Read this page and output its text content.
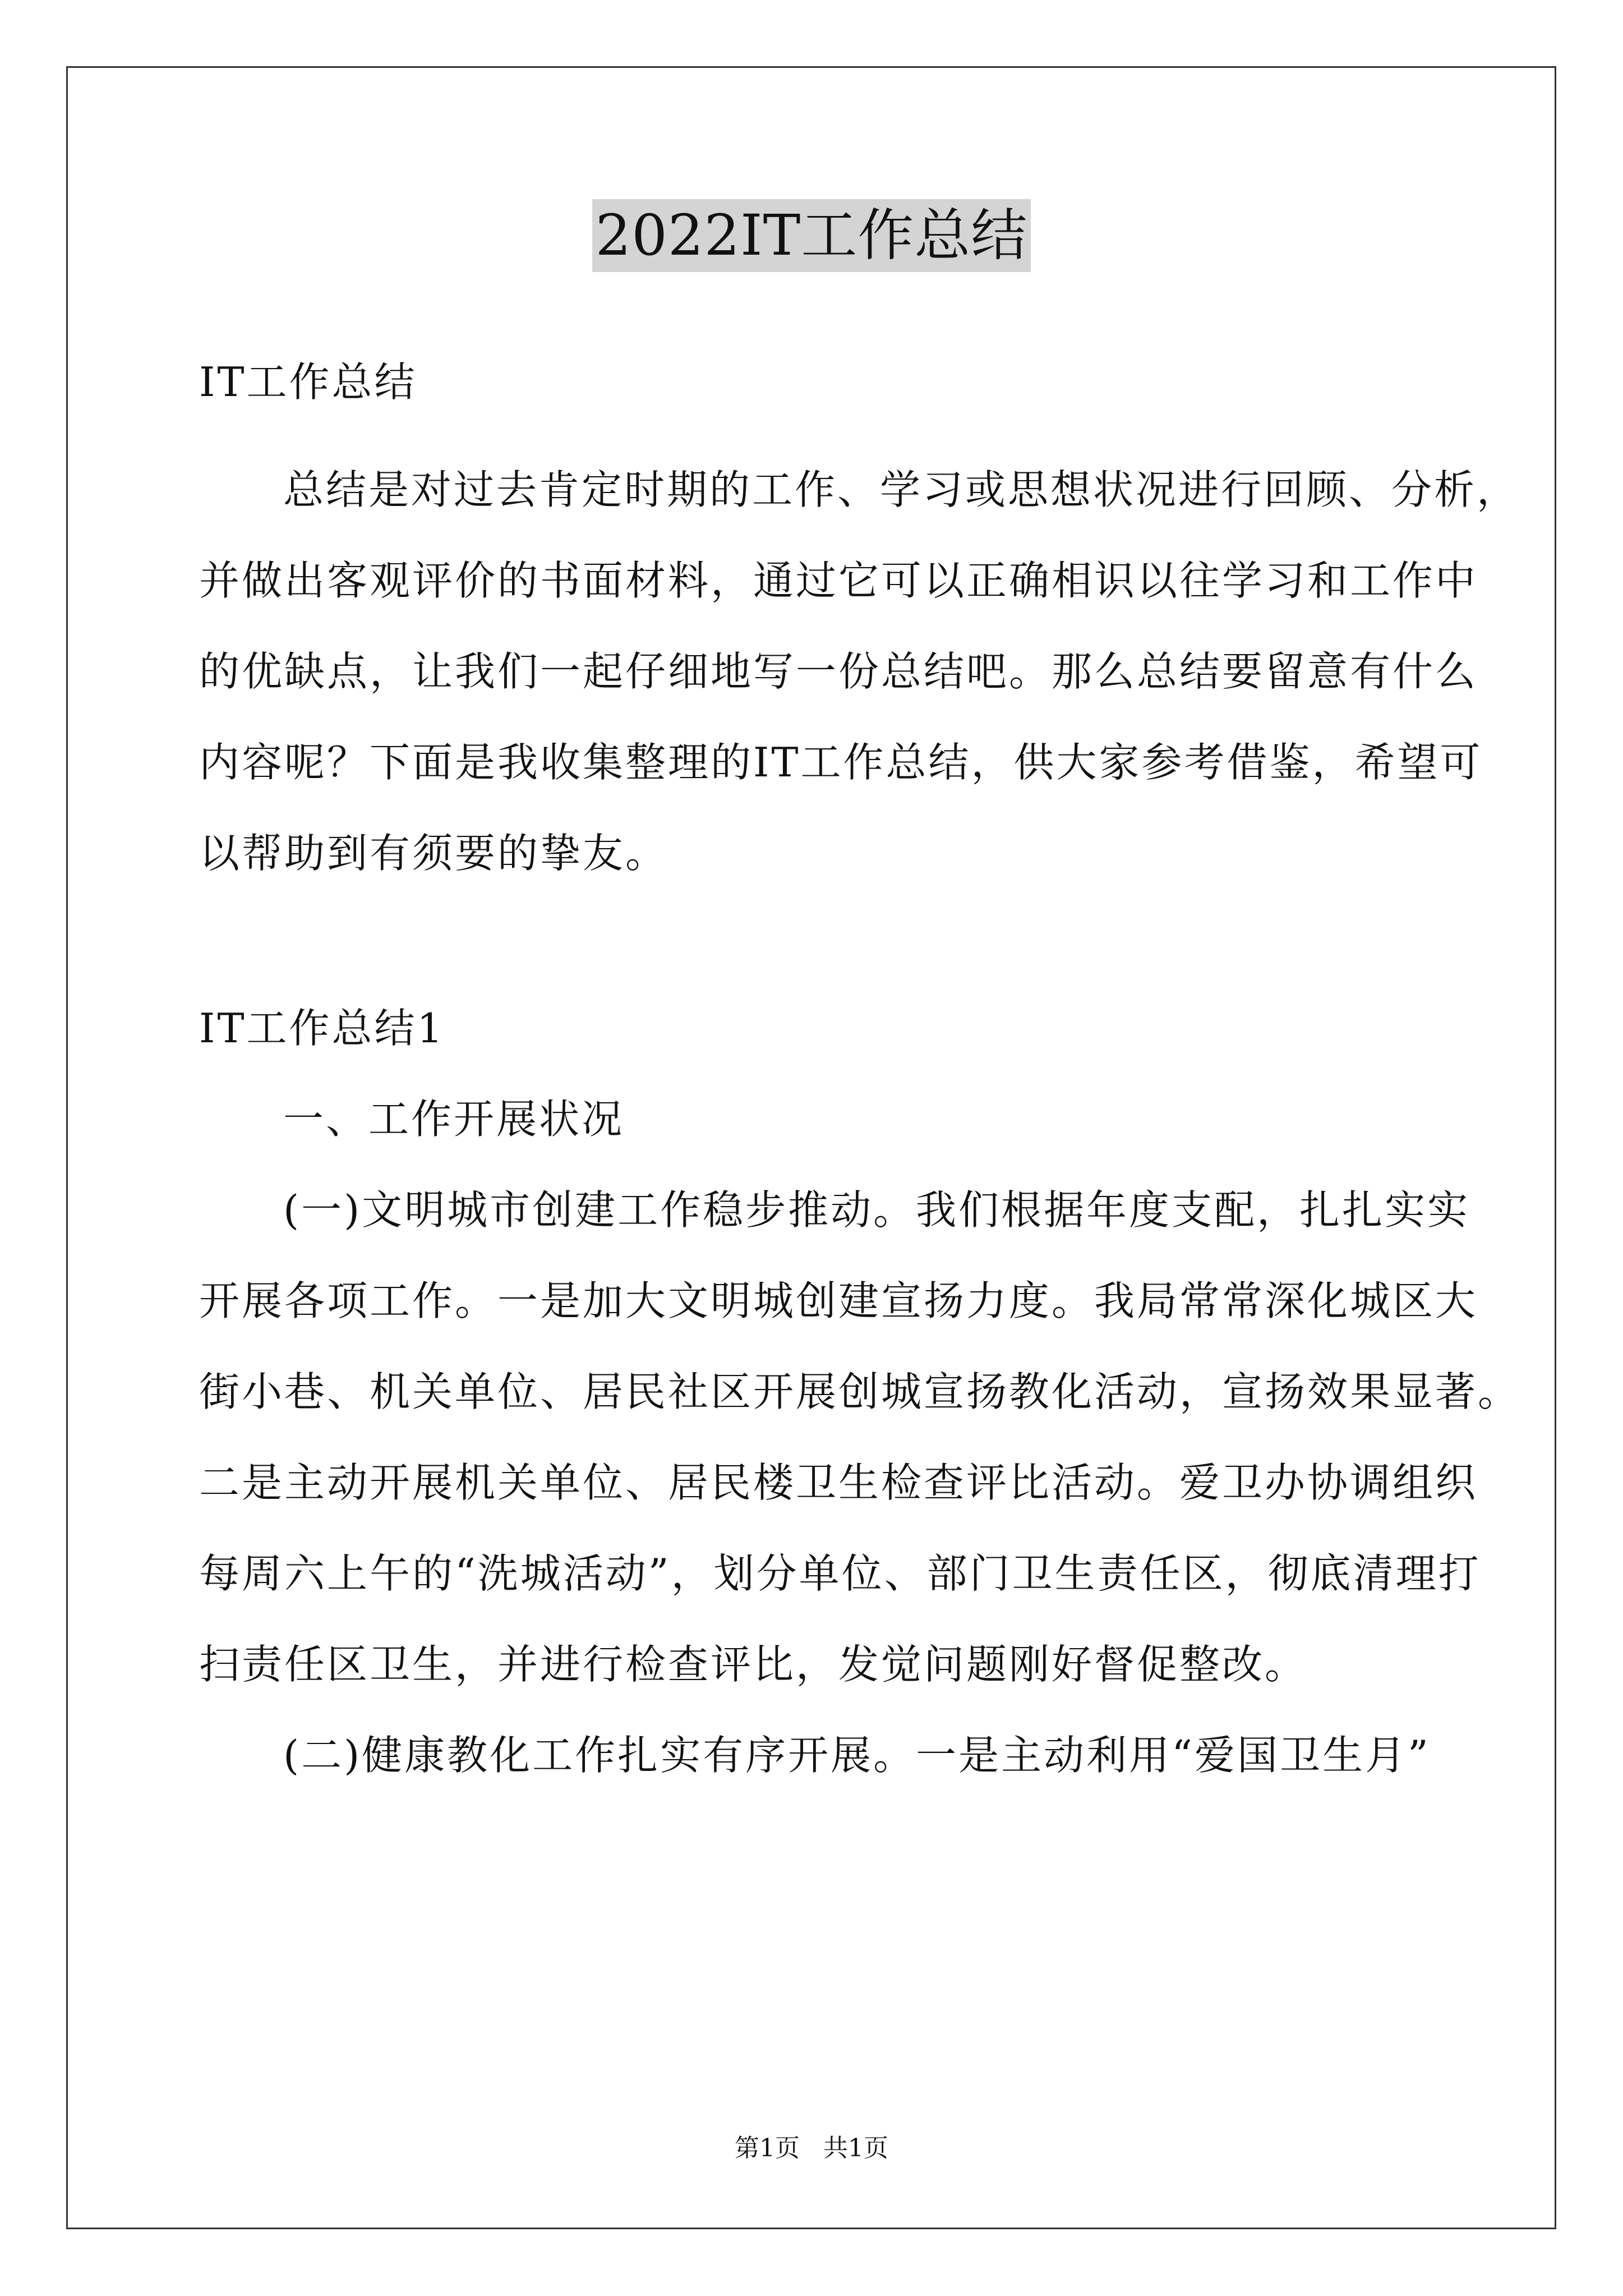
2022IT工作总结
IT工作总结
总结是对过去肯定时期的工作、学习或思想状况进行回顾、分析，
并做出客观评价的书面材料，通过它可以正确相识以往学习和工作中
的优缺点，让我们一起仔细地写一份总结吧。那么总结要留意有什么
内容呢？下面是我收集整理的IT工作总结，供大家参考借鉴，希望可
以帮助到有须要的挚友。
IT工作总结1
一、工作开展状况
(一)文明城市创建工作稳步推动。我们根据年度支配，扎扎实实
开展各项工作。一是加大文明城创建宣扬力度。我局常常深化城区大
街小巷、机关单位、居民社区开展创城宣扬教化活动，宣扬效果显著。
二是主动开展机关单位、居民楼卫生检查评比活动。爱卫办协调组织
每周六上午的“洗城活动”，划分单位、部门卫生责任区，彻底清理打
扫责任区卫生，并进行检查评比，发觉问题刚好督促整改。
(二)健康教化工作扎实有序开展。一是主动利用“爱国卫生月”
第1页 共1页
